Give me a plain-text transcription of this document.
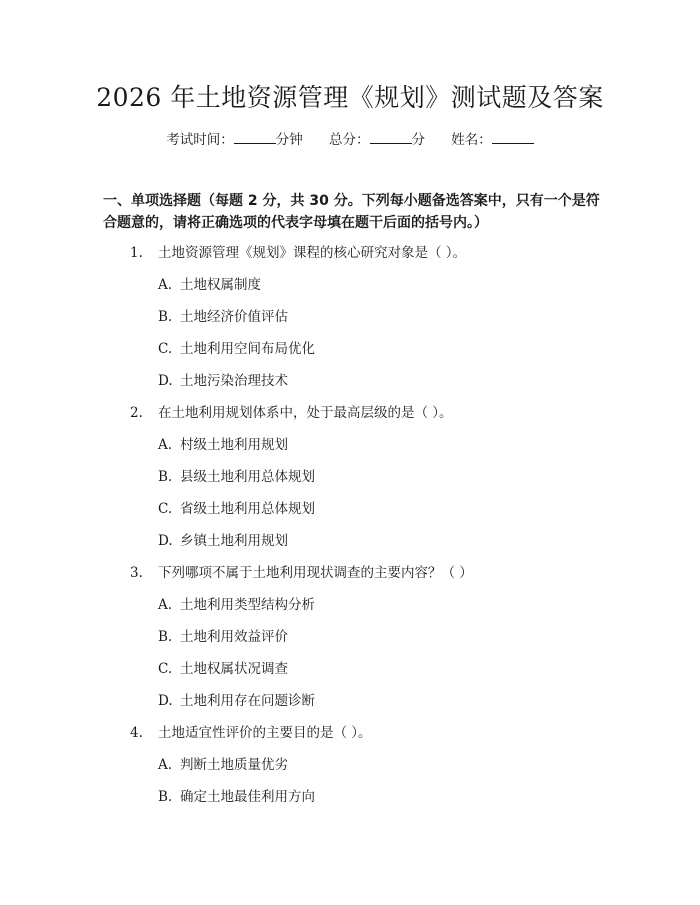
2026 年土地资源管理《规划》测试题及答案
考试时间：	分钟 总分：	分 姓名：
一、单项选择题（每题 2 分，共 30 分。下列每小题备选答案中，只有一个是符合题意的，请将正确选项的代表字母填在题干后面的括号内。）
1.	土地资源管理《规划》课程的核心研究对象是（ ）。
A. 土地权属制度
B. 土地经济价值评估
C. 土地利用空间布局优化
D. 土地污染治理技术
2.	在土地利用规划体系中，处于最高层级的是（ ）。
A. 村级土地利用规划
B. 县级土地利用总体规划
C. 省级土地利用总体规划
D. 乡镇土地利用规划
3.	下列哪项不属于土地利用现状调查的主要内容？（ ）
A. 土地利用类型结构分析
B. 土地利用效益评价
C. 土地权属状况调查
D. 土地利用存在问题诊断
4.	土地适宜性评价的主要目的是（ ）。
A. 判断土地质量优劣
B. 确定土地最佳利用方向
